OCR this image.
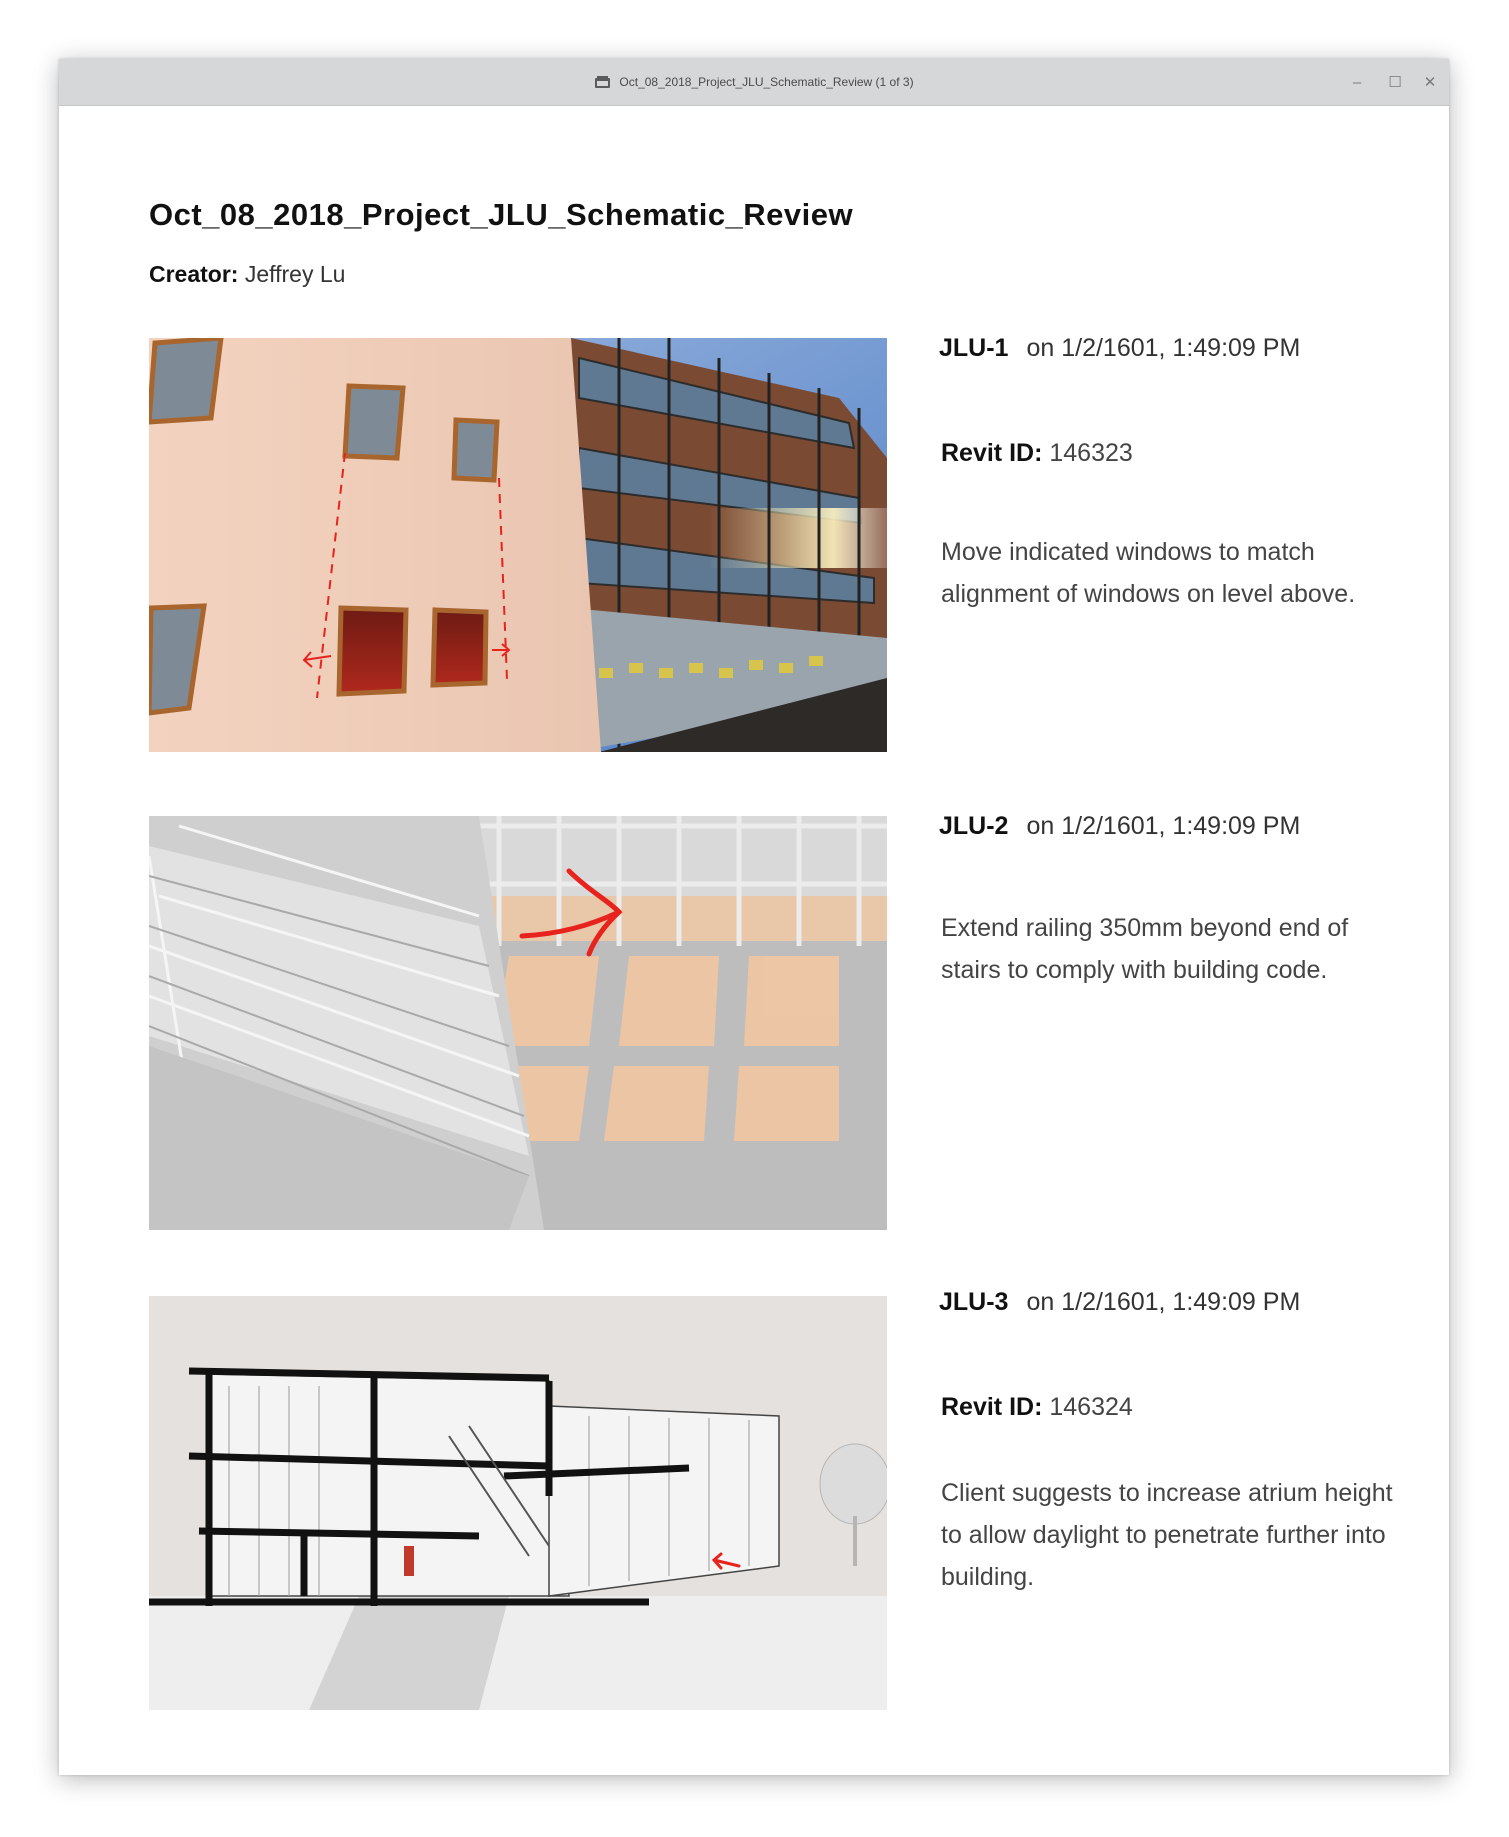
Oct_08_2018_Project_JLU_Schematic_Review (1 of 3)	– ☐ ✕
Oct_08_2018_Project_JLU_Schematic_Review
Creator: Jeffrey Lu
JLU-1 on 1/2/1601, 1:49:09 PM
Revit ID: 146323
Move indicated windows to match alignment of windows on level above.
JLU-2 on 1/2/1601, 1:49:09 PM
Extend railing 350mm beyond end of stairs to comply with building code.
JLU-3 on 1/2/1601, 1:49:09 PM
Revit ID: 146324
Client suggests to increase atrium height to allow daylight to penetrate further into building.
